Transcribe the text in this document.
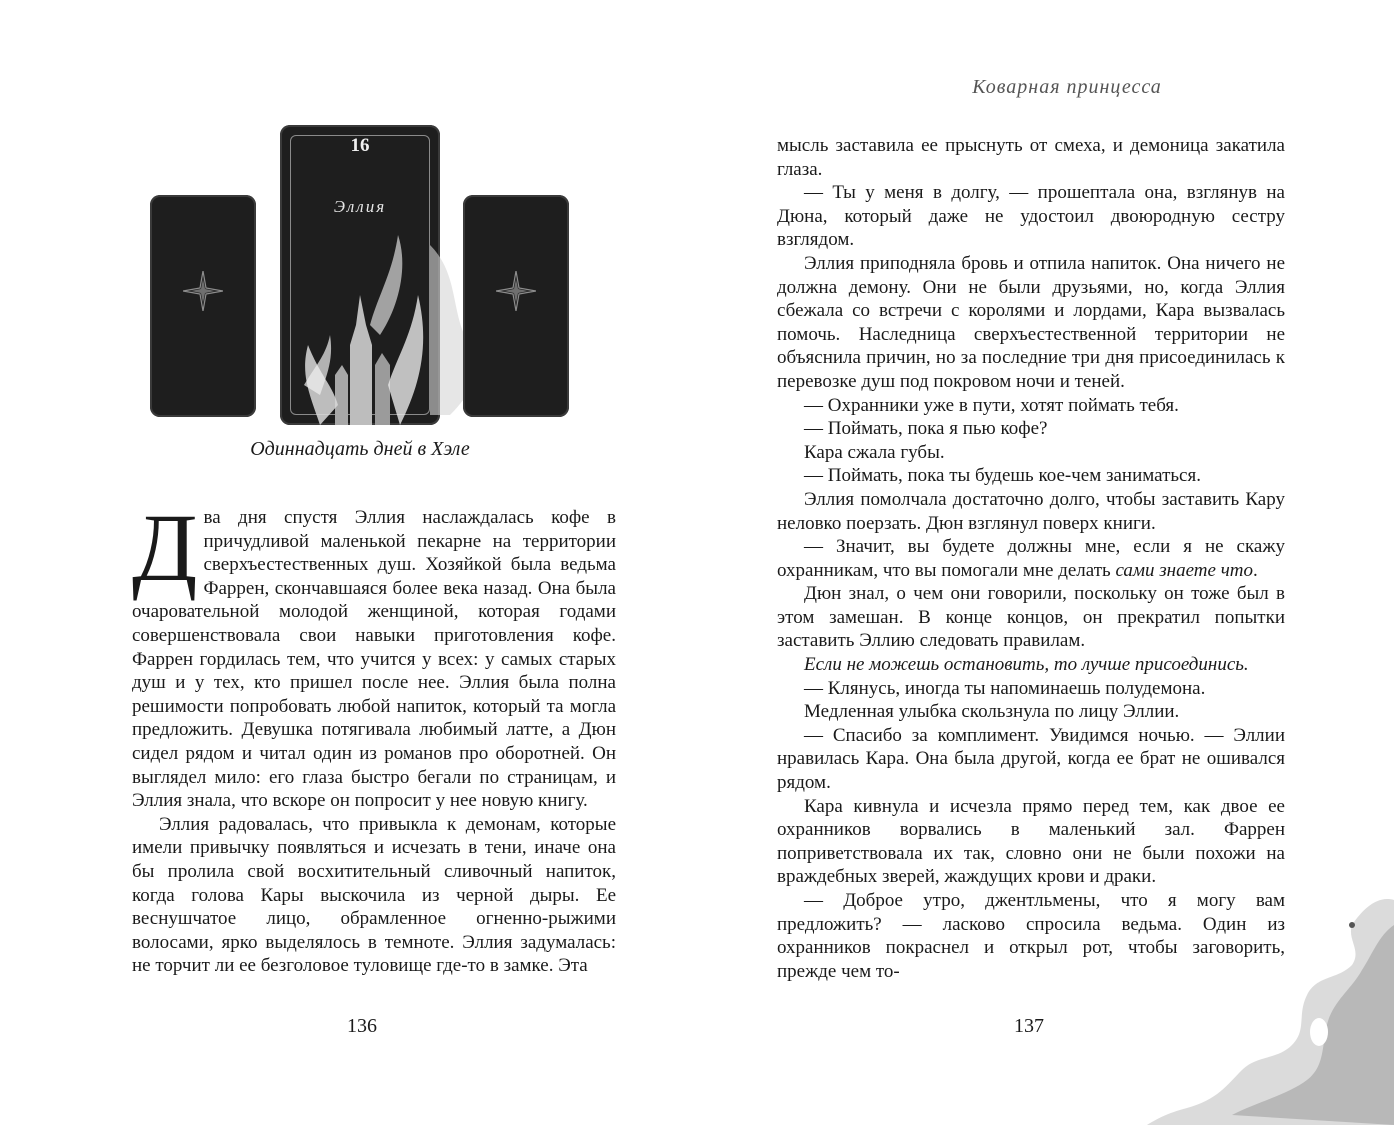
16
Эллия
Одиннадцать дней в Хэле

Два дня спустя Эллия наслаждалась кофе в причудливой маленькой пекарне на территории сверхъестественных душ. Хозяйкой была ведьма Фаррен, скончавшаяся более века назад. Она была очаровательной молодой женщиной, которая годами совершенствовала свои навыки приготовления кофе. Фаррен гордилась тем, что учится у всех: у самых старых душ и у тех, кто пришел после нее. Эллия была полна решимости попробовать любой напиток, который та могла предложить. Девушка потягивала любимый латте, а Дюн сидел рядом и читал один из романов про оборотней. Он выглядел мило: его глаза быстро бегали по страницам, и Эллия знала, что вскоре он попросит у нее новую книгу.

Эллия радовалась, что привыкла к демонам, которые имели привычку появляться и исчезать в тени, иначе она бы пролила свой восхитительный сливочный напиток, когда голова Кары выскочила из черной дыры. Ее веснушчатое лицо, обрамленное огненно-рыжими волосами, ярко выделялось в темноте. Эллия задумалась: не торчит ли ее безголовое туловище где-то в замке. Эта

136
Коварная принцесса

мысль заставила ее прыснуть от смеха, и демоница закатила глаза.

— Ты у меня в долгу, — прошептала она, взглянув на Дюна, который даже не удостоил двоюродную сестру взглядом.

Эллия приподняла бровь и отпила напиток. Она ничего не должна демону. Они не были друзьями, но, когда Эллия сбежала со встречи с королями и лордами, Кара вызвалась помочь. Наследница сверхъестественной территории не объяснила причин, но за последние три дня присоединилась к перевозке душ под покровом ночи и теней.

— Охранники уже в пути, хотят поймать тебя.

— Поймать, пока я пью кофе?

Кара сжала губы.

— Поймать, пока ты будешь кое-чем заниматься.

Эллия помолчала достаточно долго, чтобы заставить Кару неловко поерзать. Дюн взглянул поверх книги.

— Значит, вы будете должны мне, если я не скажу охранникам, что вы помогали мне делать сами знаете что.

Дюн знал, о чем они говорили, поскольку он тоже был в этом замешан. В конце концов, он прекратил попытки заставить Эллию следовать правилам.

Если не можешь остановить, то лучше присоединись.

— Клянусь, иногда ты напоминаешь полудемона.

Медленная улыбка скользнула по лицу Эллии.

— Спасибо за комплимент. Увидимся ночью. — Эллии нравилась Кара. Она была другой, когда ее брат не ошивался рядом.

Кара кивнула и исчезла прямо перед тем, как двое ее охранников ворвались в маленький зал. Фаррен поприветствовала их так, словно они не были похожи на враждебных зверей, жаждущих крови и драки.

— Доброе утро, джентльмены, что я могу вам предложить? — ласково спросила ведьма. Один из охранников покраснел и открыл рот, чтобы заговорить, прежде чем то-

137
